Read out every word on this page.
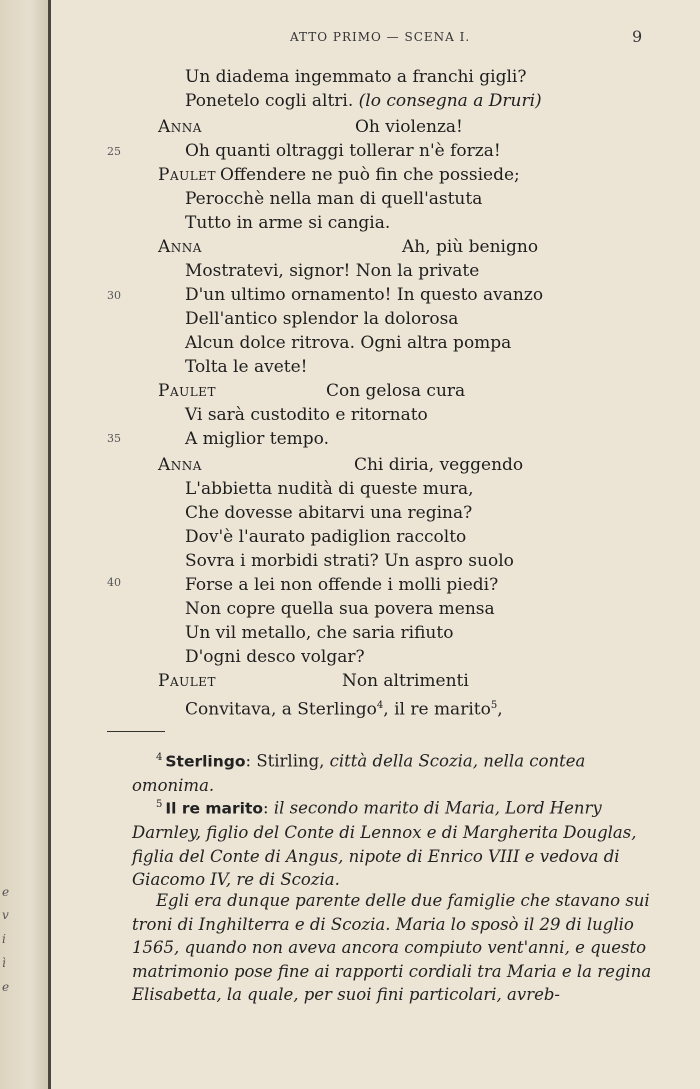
e
v
i
ì
e
ATTO PRIMO — SCENA I.	9
25
30
35
40
Un diadema ingemmato a franchi gigli?
Ponetelo cogli altri. (lo consegna a Druri)
Anna	Oh violenza!
Oh quanti oltraggi tollerar n'è forza!
Paulet Offendere ne può fin che possiede;
Perocchè nella man di quell'astuta
Tutto in arme si cangia.
Anna	Ah, più benigno
Mostratevi, signor! Non la private
D'un ultimo ornamento! In questo avanzo
Dell'antico splendor la dolorosa
Alcun dolce ritrova. Ogni altra pompa
Tolta le avete!
Paulet	Con gelosa cura
Vi sarà custodito e ritornato
A miglior tempo.
Anna	Chi diria, veggendo
L'abbietta nudità di queste mura,
Che dovesse abitarvi una regina?
Dov'è l'aurato padiglion raccolto
Sovra i morbidi strati? Un aspro suolo
Forse a lei non offende i molli piedi?
Non copre quella sua povera mensa
Un vil metallo, che saria rifiuto
D'ogni desco volgar?
Paulet	Non altrimenti
Convitava, a Sterlingo$^4$, il re marito$^5$,
$^4$ Sterlingo: Stirling, città della Scozia, nella contea omonima.
$^5$ Il re marito: il secondo marito di Maria, Lord Henry Darnley, figlio del Conte di Lennox e di Margherita Douglas, figlia del Conte di Angus, nipote di Enrico VIII e vedova di Giacomo IV, re di Scozia.
Egli era dunque parente delle due famiglie che stavano sui troni di Inghilterra e di Scozia. Maria lo sposò il 29 di luglio 1565, quando non aveva ancora compiuto vent'anni, e questo matrimonio pose fine ai rapporti cordiali tra Maria e la regina Elisabetta, la quale, per suoi fini particolari, avreb-
